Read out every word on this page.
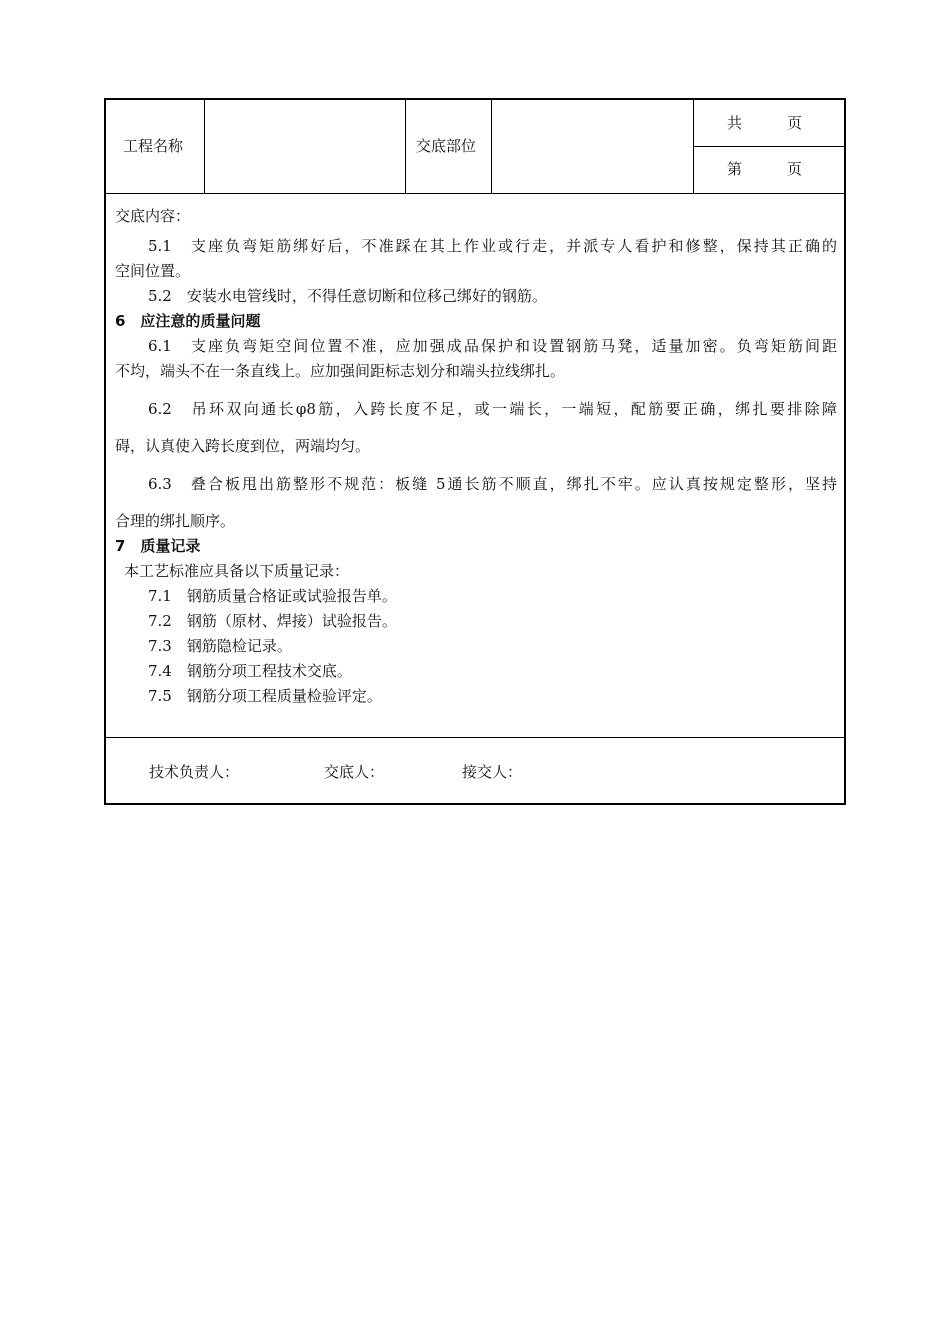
工程名称	交底部位
共　　　页
第　　　页
交底内容：
5.1　支座负弯矩筋绑好后，不准踩在其上作业或行走，并派专人看护和修整，保持其正确的
空间位置。
5.2　安装水电管线时，不得任意切断和位移己绑好的钢筋。
6　应注意的质量问题
6.1　支座负弯矩空间位置不准，应加强成品保护和设置钢筋马凳，适量加密。负弯矩筋间距
不均，端头不在一条直线上。应加强间距标志划分和端头拉线绑扎。
6.2　吊环双向通长φ8筋，入跨长度不足，或一端长，一端短，配筋要正确，绑扎要排除障
碍，认真使入跨长度到位，两端均匀。
6.3　叠合板甩出筋整形不规范：板缝 5通长筋不顺直，绑扎不牢。应认真按规定整形，坚持
合理的绑扎顺序。
7　质量记录
本工艺标准应具备以下质量记录：
7.1　钢筋质量合格证或试验报告单。
7.2　钢筋（原材、焊接）试验报告。
7.3　钢筋隐检记录。
7.4　钢筋分项工程技术交底。
7.5　钢筋分项工程质量检验评定。
技术负责人：	交底人：	接交人：
